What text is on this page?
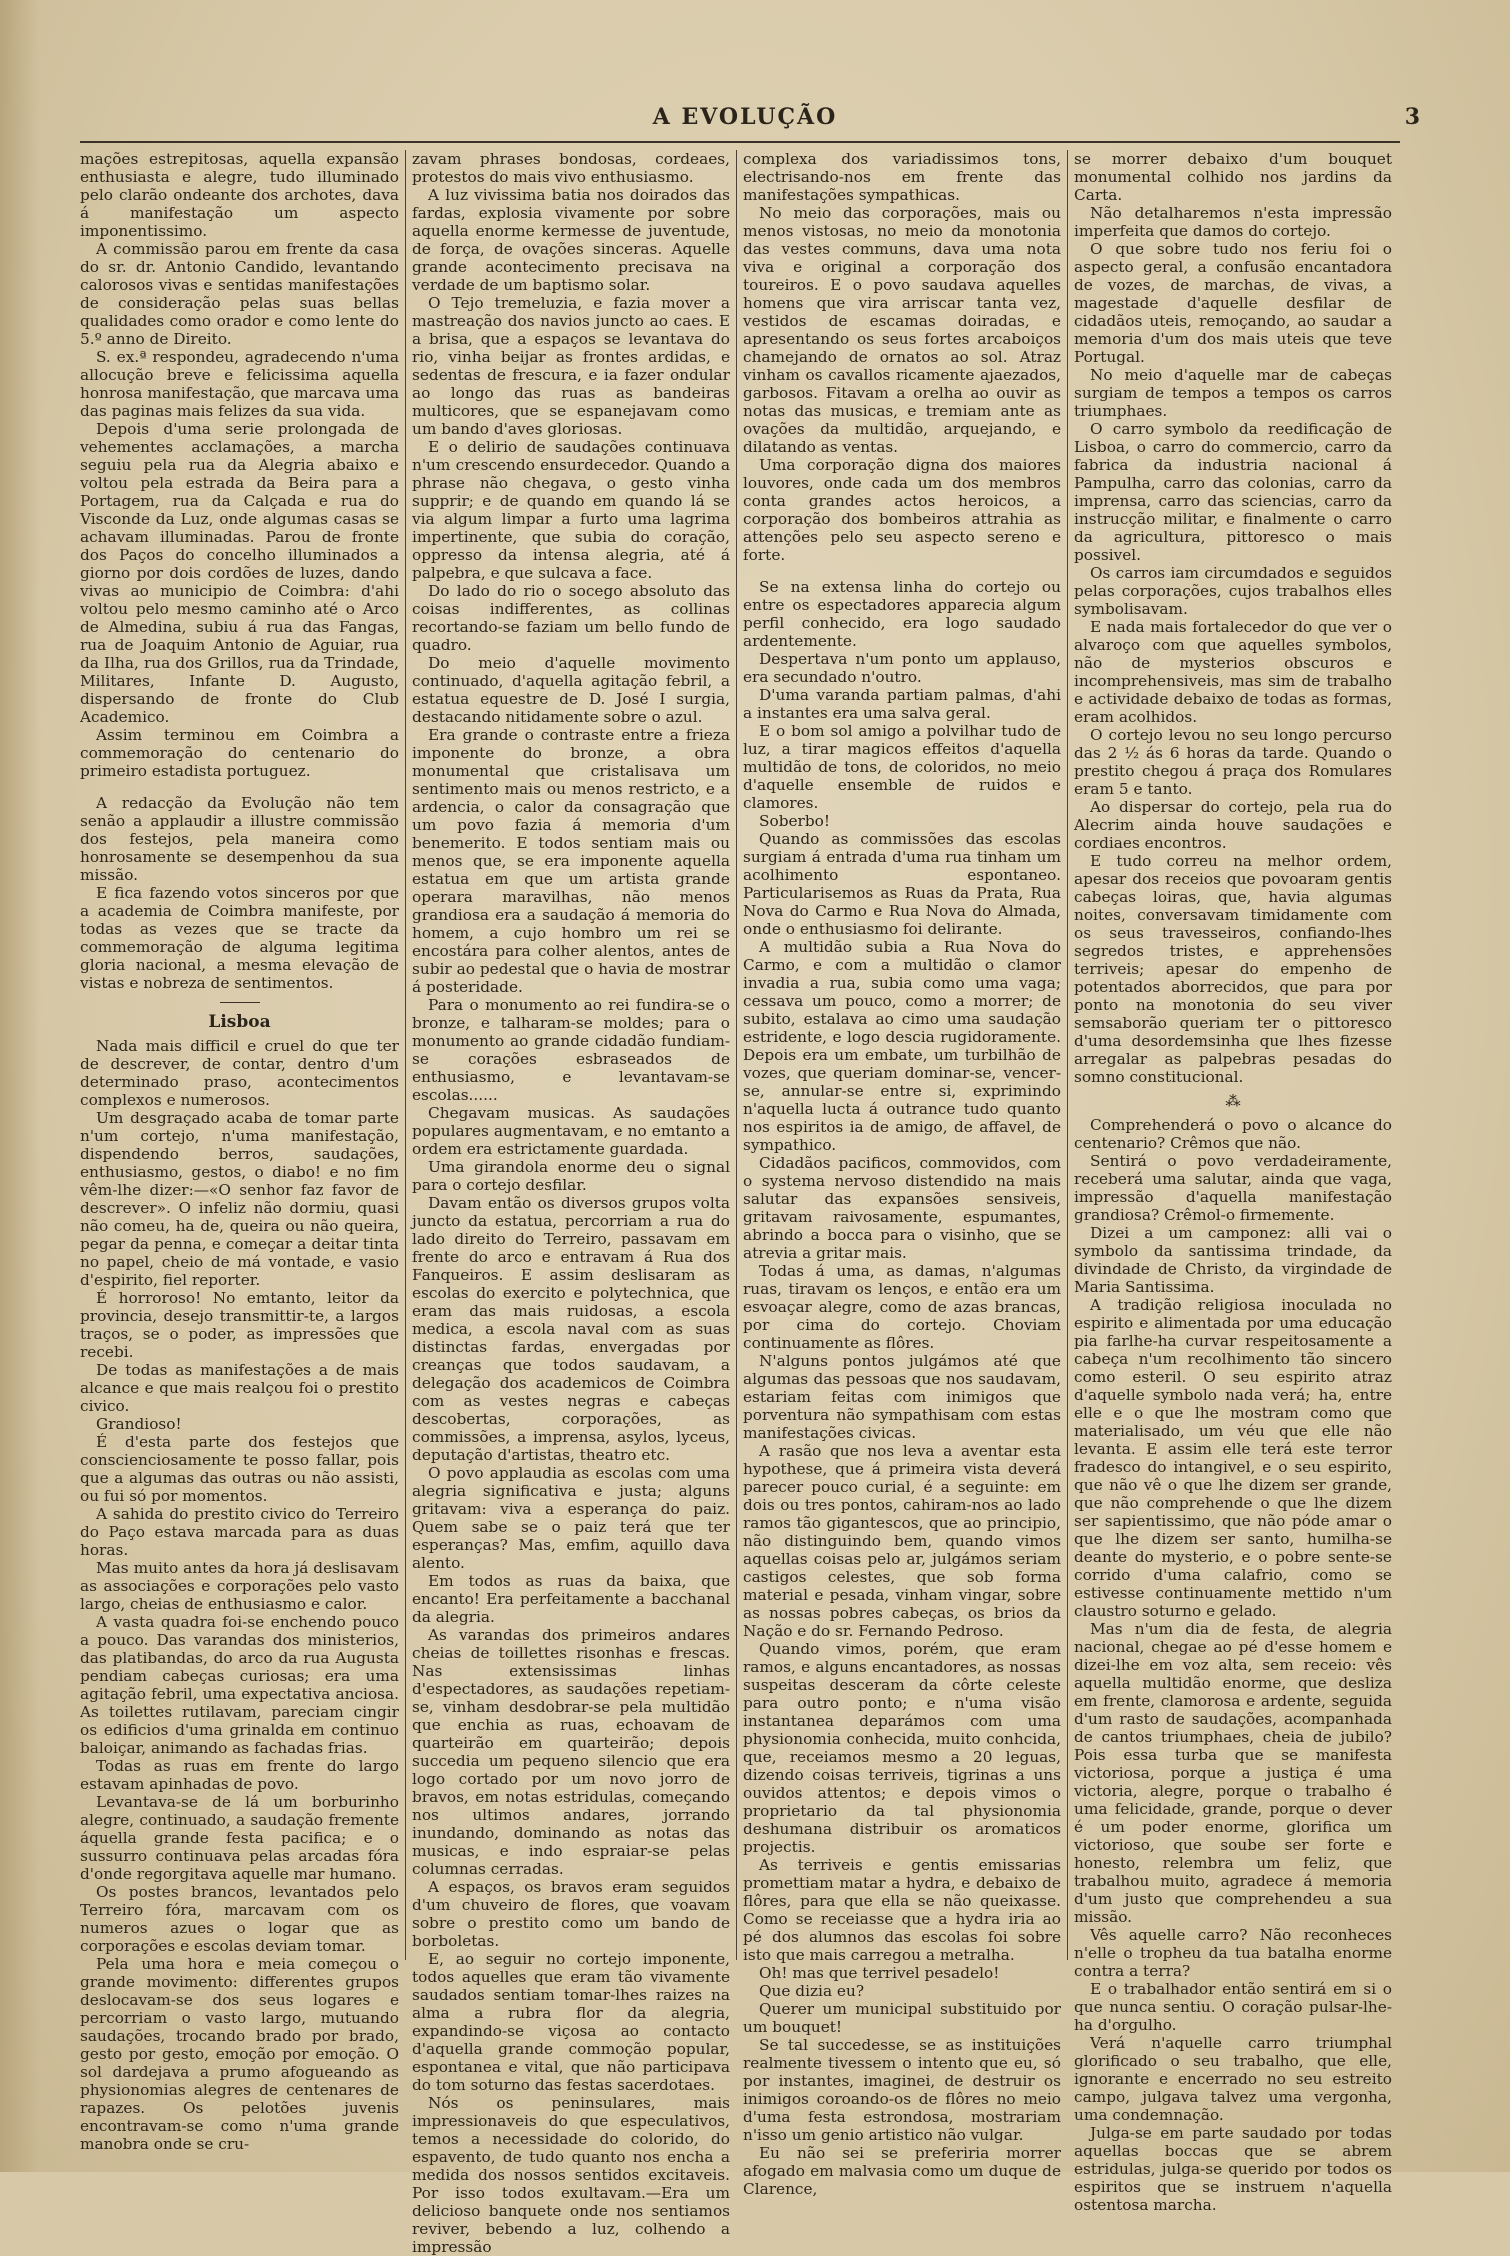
A EVOLUÇÃO	3

mações estrepitosas, aquella expansão enthusiasta e alegre, tudo illuminado pelo clarão ondeante dos archotes, dava á manifestação um aspecto imponentissimo.

A commissão parou em frente da casa do sr. dr. Antonio Candido, levantando calorosos vivas e sentidas manifestações de consideração pelas suas bellas qualidades como orador e como lente do 5.º anno de Direito.

S. ex.ª respondeu, agradecendo n'uma allocução breve e felicissima aquella honrosa manifestação, que marcava uma das paginas mais felizes da sua vida.

Depois d'uma serie prolongada de vehementes acclamações, a marcha seguiu pela rua da Alegria abaixo e voltou pela estrada da Beira para a Portagem, rua da Calçada e rua do Visconde da Luz, onde algumas casas se achavam illuminadas. Parou de fronte dos Paços do concelho illuminados a giorno por dois cordões de luzes, dando vivas ao municipio de Coimbra: d'ahi voltou pelo mesmo caminho até o Arco de Almedina, subiu á rua das Fangas, rua de Joaquim Antonio de Aguiar, rua da Ilha, rua dos Grillos, rua da Trindade, Militares, Infante D. Augusto, dispersando de fronte do Club Academico.

Assim terminou em Coimbra a commemoração do centenario do primeiro estadista portuguez.

A redacção da Evolução não tem senão a applaudir a illustre commissão dos festejos, pela maneira como honrosamente se desempenhou da sua missão.

E fica fazendo votos sinceros por que a academia de Coimbra manifeste, por todas as vezes que se tracte da commemoração de alguma legitima gloria nacional, a mesma elevação de vistas e nobreza de sentimentos.

Lisboa

Nada mais difficil e cruel do que ter de descrever, de contar, dentro d'um determinado praso, acontecimentos complexos e numerosos.

Um desgraçado acaba de tomar parte n'um cortejo, n'uma manifestação, dispendendo berros, saudações, enthusiasmo, gestos, o diabo! e no fim vêm-lhe dizer:—«O senhor faz favor de descrever». O infeliz não dormiu, quasi não comeu, ha de, queira ou não queira, pegar da penna, e começar a deitar tinta no papel, cheio de má vontade, e vasio d'espirito, fiel reporter.

É horroroso! No emtanto, leitor da provincia, desejo transmittir-te, a largos traços, se o poder, as impressões que recebi.

De todas as manifestações a de mais alcance e que mais realçou foi o prestito civico.

Grandioso!

É d'esta parte dos festejos que conscienciosamente te posso fallar, pois que a algumas das outras ou não assisti, ou fui só por momentos.

A sahida do prestito civico do Terreiro do Paço estava marcada para as duas horas.

Mas muito antes da hora já deslisavam as associações e corporações pelo vasto largo, cheias de enthusiasmo e calor.

A vasta quadra foi-se enchendo pouco a pouco. Das varandas dos ministerios, das platibandas, do arco da rua Augusta pendiam cabeças curiosas; era uma agitação febril, uma expectativa anciosa. As toilettes rutilavam, pareciam cingir os edificios d'uma grinalda em continuo baloiçar, animando as fachadas frias.

Todas as ruas em frente do largo estavam apinhadas de povo.

Levantava-se de lá um borburinho alegre, continuado, a saudação fremente áquella grande festa pacifica; e o sussurro continuava pelas arcadas fóra d'onde regorgitava aquelle mar humano.

Os postes brancos, levantados pelo Terreiro fóra, marcavam com os numeros azues o logar que as corporações e escolas deviam tomar.

Pela uma hora e meia começou o grande movimento: differentes grupos deslocavam-se dos seus logares e percorriam o vasto largo, mutuando saudações, trocando brado por brado, gesto por gesto, emoção por emoção. O sol dardejava a prumo afogueando as physionomias alegres de centenares de rapazes. Os pelotões juvenis encontravam-se como n'uma grande manobra onde se cru-

zavam phrases bondosas, cordeaes, protestos do mais vivo enthusiasmo.

A luz vivissima batia nos doirados das fardas, explosia vivamente por sobre aquella enorme kermesse de juventude, de força, de ovações sinceras. Aquelle grande acontecimento precisava na verdade de um baptismo solar.

O Tejo tremeluzia, e fazia mover a mastreação dos navios juncto ao caes. E a brisa, que a espaços se levantava do rio, vinha beijar as frontes ardidas, e sedentas de frescura, e ia fazer ondular ao longo das ruas as bandeiras multicores, que se espanejavam como um bando d'aves gloriosas.

E o delirio de saudações continuava n'um crescendo ensurdecedor. Quando a phrase não chegava, o gesto vinha supprir; e de quando em quando lá se via algum limpar a furto uma lagrima impertinente, que subia do coração, oppresso da intensa alegria, até á palpebra, e que sulcava a face.

Do lado do rio o socego absoluto das coisas indifferentes, as collinas recortando-se faziam um bello fundo de quadro.

Do meio d'aquelle movimento continuado, d'aquella agitação febril, a estatua equestre de D. José I surgia, destacando nitidamente sobre o azul.

Era grande o contraste entre a frieza imponente do bronze, a obra monumental que cristalisava um sentimento mais ou menos restricto, e a ardencia, o calor da consagração que um povo fazia á memoria d'um benemerito. E todos sentiam mais ou menos que, se era imponente aquella estatua em que um artista grande operara maravilhas, não menos grandiosa era a saudação á memoria do homem, a cujo hombro um rei se encostára para colher alentos, antes de subir ao pedestal que o havia de mostrar á posteridade.

Para o monumento ao rei fundira-se o bronze, e talharam-se moldes; para o monumento ao grande cidadão fundiam-se corações esbraseados de enthusiasmo, e levantavam-se escolas......

Chegavam musicas. As saudações populares augmentavam, e no emtanto a ordem era estrictamente guardada.

Uma girandola enorme deu o signal para o cortejo desfilar.

Davam então os diversos grupos volta juncto da estatua, percorriam a rua do lado direito do Terreiro, passavam em frente do arco e entravam á Rua dos Fanqueiros. E assim deslisaram as escolas do exercito e polytechnica, que eram das mais ruidosas, a escola medica, a escola naval com as suas distinctas fardas, envergadas por creanças que todos saudavam, a delegação dos academicos de Coimbra com as vestes negras e cabeças descobertas, corporações, as commissões, a imprensa, asylos, lyceus, deputação d'artistas, theatro etc.

O povo applaudia as escolas com uma alegria significativa e justa; alguns gritavam: viva a esperança do paiz. Quem sabe se o paiz terá que ter esperanças? Mas, emfim, aquillo dava alento.

Em todos as ruas da baixa, que encanto! Era perfeitamente a bacchanal da alegria.

As varandas dos primeiros andares cheias de toillettes risonhas e frescas. Nas extensissimas linhas d'espectadores, as saudações repetiam-se, vinham desdobrar-se pela multidão que enchia as ruas, echoavam de quarteirão em quarteirão; depois succedia um pequeno silencio que era logo cortado por um novo jorro de bravos, em notas estridulas, começando nos ultimos andares, jorrando inundando, dominando as notas das musicas, e indo espraiar-se pelas columnas cerradas.

A espaços, os bravos eram seguidos d'um chuveiro de flores, que voavam sobre o prestito como um bando de borboletas.

E, ao seguir no cortejo imponente, todos aquelles que eram tão vivamente saudados sentiam tomar-lhes raizes na alma a rubra flor da alegria, expandindo-se viçosa ao contacto d'aquella grande commoção popular, espontanea e vital, que não participava do tom soturno das festas sacerdotaes.

Nós os peninsulares, mais impressionaveis do que especulativos, temos a necessidade do colorido, do espavento, de tudo quanto nos encha a medida dos nossos sentidos excitaveis. Por isso todos exultavam.—Era um delicioso banquete onde nos sentiamos reviver, bebendo a luz, colhendo a impressão

complexa dos variadissimos tons, electrisando-nos em frente das manifestações sympathicas.

No meio das corporações, mais ou menos vistosas, no meio da monotonia das vestes communs, dava uma nota viva e original a corporação dos toureiros. E o povo saudava aquelles homens que vira arriscar tanta vez, vestidos de escamas doiradas, e apresentando os seus fortes arcaboiços chamejando de ornatos ao sol. Atraz vinham os cavallos ricamente ajaezados, garbosos. Fitavam a orelha ao ouvir as notas das musicas, e tremiam ante as ovações da multidão, arquejando, e dilatando as ventas.

Uma corporação digna dos maiores louvores, onde cada um dos membros conta grandes actos heroicos, a corporação dos bombeiros attrahia as attenções pelo seu aspecto sereno e forte.

Se na extensa linha do cortejo ou entre os espectadores apparecia algum perfil conhecido, era logo saudado ardentemente.

Despertava n'um ponto um applauso, era secundado n'outro.

D'uma varanda partiam palmas, d'ahi a instantes era uma salva geral.

E o bom sol amigo a polvilhar tudo de luz, a tirar magicos effeitos d'aquella multidão de tons, de coloridos, no meio d'aquelle ensemble de ruidos e clamores.

Soberbo!

Quando as commissões das escolas surgiam á entrada d'uma rua tinham um acolhimento espontaneo. Particularisemos as Ruas da Prata, Rua Nova do Carmo e Rua Nova do Almada, onde o enthusiasmo foi delirante.

A multidão subia a Rua Nova do Carmo, e com a multidão o clamor invadia a rua, subia como uma vaga; cessava um pouco, como a morrer; de subito, estalava ao cimo uma saudação estridente, e logo descia rugidoramente. Depois era um embate, um turbilhão de vozes, que queriam dominar-se, vencer-se, annular-se entre si, exprimindo n'aquella lucta á outrance tudo quanto nos espiritos ia de amigo, de affavel, de sympathico.

Cidadãos pacificos, commovidos, com o systema nervoso distendido na mais salutar das expansões sensiveis, gritavam raivosamente, espumantes, abrindo a bocca para o visinho, que se atrevia a gritar mais.

Todas á uma, as damas, n'algumas ruas, tiravam os lenços, e então era um esvoaçar alegre, como de azas brancas, por cima do cortejo. Choviam continuamente as flôres.

N'alguns pontos julgámos até que algumas das pessoas que nos saudavam, estariam feitas com inimigos que porventura não sympathisam com estas manifestações civicas.

A rasão que nos leva a aventar esta hypothese, que á primeira vista deverá parecer pouco curial, é a seguinte: em dois ou tres pontos, cahiram-nos ao lado ramos tão gigantescos, que ao principio, não distinguindo bem, quando vimos aquellas coisas pelo ar, julgámos seriam castigos celestes, que sob forma material e pesada, vinham vingar, sobre as nossas pobres cabeças, os brios da Nação e do sr. Fernando Pedroso.

Quando vimos, porém, que eram ramos, e alguns encantadores, as nossas suspeitas desceram da côrte celeste para outro ponto; e n'uma visão instantanea deparámos com uma physionomia conhecida, muito conhcida, que, receiamos mesmo a 20 leguas, dizendo coisas terriveis, tigrinas a uns ouvidos attentos; e depois vimos o proprietario da tal physionomia deshumana distribuir os aromaticos projectis.

As terriveis e gentis emissarias promettiam matar a hydra, e debaixo de flôres, para que ella se não queixasse. Como se receiasse que a hydra iria ao pé dos alumnos das escolas foi sobre isto que mais carregou a metralha.

Oh! mas que terrivel pesadelo!

Que dizia eu?

Querer um municipal substituido por um bouquet!

Se tal succedesse, se as instituições realmente tivessem o intento que eu, só por instantes, imaginei, de destruir os inimigos coroando-os de flôres no meio d'uma festa estrondosa, mostrariam n'isso um genio artistico não vulgar.

Eu não sei se preferiria morrer afogado em malvasia como um duque de Clarence,

se morrer debaixo d'um bouquet monumental colhido nos jardins da Carta.

Não detalharemos n'esta impressão imperfeita que damos do cortejo.

O que sobre tudo nos feriu foi o aspecto geral, a confusão encantadora de vozes, de marchas, de vivas, a magestade d'aquelle desfilar de cidadãos uteis, remoçando, ao saudar a memoria d'um dos mais uteis que teve Portugal.

No meio d'aquelle mar de cabeças surgiam de tempos a tempos os carros triumphaes.

O carro symbolo da reedificação de Lisboa, o carro do commercio, carro da fabrica da industria nacional á Pampulha, carro das colonias, carro da imprensa, carro das sciencias, carro da instrucção militar, e finalmente o carro da agricultura, pittoresco o mais possivel.

Os carros iam circumdados e seguidos pelas corporações, cujos trabalhos elles symbolisavam.

E nada mais fortalecedor do que ver o alvaroço com que aquelles symbolos, não de mysterios obscuros e incomprehensiveis, mas sim de trabalho e actividade debaixo de todas as formas, eram acolhidos.

O cortejo levou no seu longo percurso das 2 ½ ás 6 horas da tarde. Quando o prestito chegou á praça dos Romulares eram 5 e tanto.

Ao dispersar do cortejo, pela rua do Alecrim ainda houve saudações e cordiaes encontros.

E tudo correu na melhor ordem, apesar dos receios que povoaram gentis cabeças loiras, que, havia algumas noites, conversavam timidamente com os seus travesseiros, confiando-lhes segredos tristes, e apprehensões terriveis; apesar do empenho de potentados aborrecidos, que para por ponto na monotonia do seu viver semsaborão queriam ter o pittoresco d'uma desordemsinha que lhes fizesse arregalar as palpebras pesadas do somno constitucional.

⁂

Comprehenderá o povo o alcance do centenario? Crêmos que não.

Sentirá o povo verdadeiramente, receberá uma salutar, ainda que vaga, impressão d'aquella manifestação grandiosa? Crêmol-o firmemente.

Dizei a um camponez: alli vai o symbolo da santissima trindade, da divindade de Christo, da virgindade de Maria Santissima.

A tradição religiosa inoculada no espirito e alimentada por uma educação pia farlhe-ha curvar respeitosamente a cabeça n'um recolhimento tão sincero como esteril. O seu espirito atraz d'aquelle symbolo nada verá; ha, entre elle e o que lhe mostram como que materialisado, um véu que elle não levanta. E assim elle terá este terror fradesco do intangivel, e o seu espirito, que não vê o que lhe dizem ser grande, que não comprehende o que lhe dizem ser sapientissimo, que não póde amar o que lhe dizem ser santo, humilha-se deante do mysterio, e o pobre sente-se corrido d'uma calafrio, como se estivesse continuamente mettido n'um claustro soturno e gelado.

Mas n'um dia de festa, de alegria nacional, chegae ao pé d'esse homem e dizei-lhe em voz alta, sem receio: vês aquella multidão enorme, que desliza em frente, clamorosa e ardente, seguida d'um rasto de saudações, acompanhada de cantos triumphaes, cheia de jubilo? Pois essa turba que se manifesta victoriosa, porque a justiça é uma victoria, alegre, porque o trabalho é uma felicidade, grande, porque o dever é um poder enorme, glorifica um victorioso, que soube ser forte e honesto, relembra um feliz, que trabalhou muito, agradece á memoria d'um justo que comprehendeu a sua missão.

Vês aquelle carro? Não reconheces n'elle o tropheu da tua batalha enorme contra a terra?

E o trabalhador então sentirá em si o que nunca sentiu. O coração pulsar-lhe-ha d'orgulho.

Verá n'aquelle carro triumphal glorificado o seu trabalho, que elle, ignorante e encerrado no seu estreito campo, julgava talvez uma vergonha, uma condemnação.

Julga-se em parte saudado por todas aquellas boccas que se abrem estridulas, julga-se querido por todos os espiritos que se instruem n'aquella ostentosa marcha.
